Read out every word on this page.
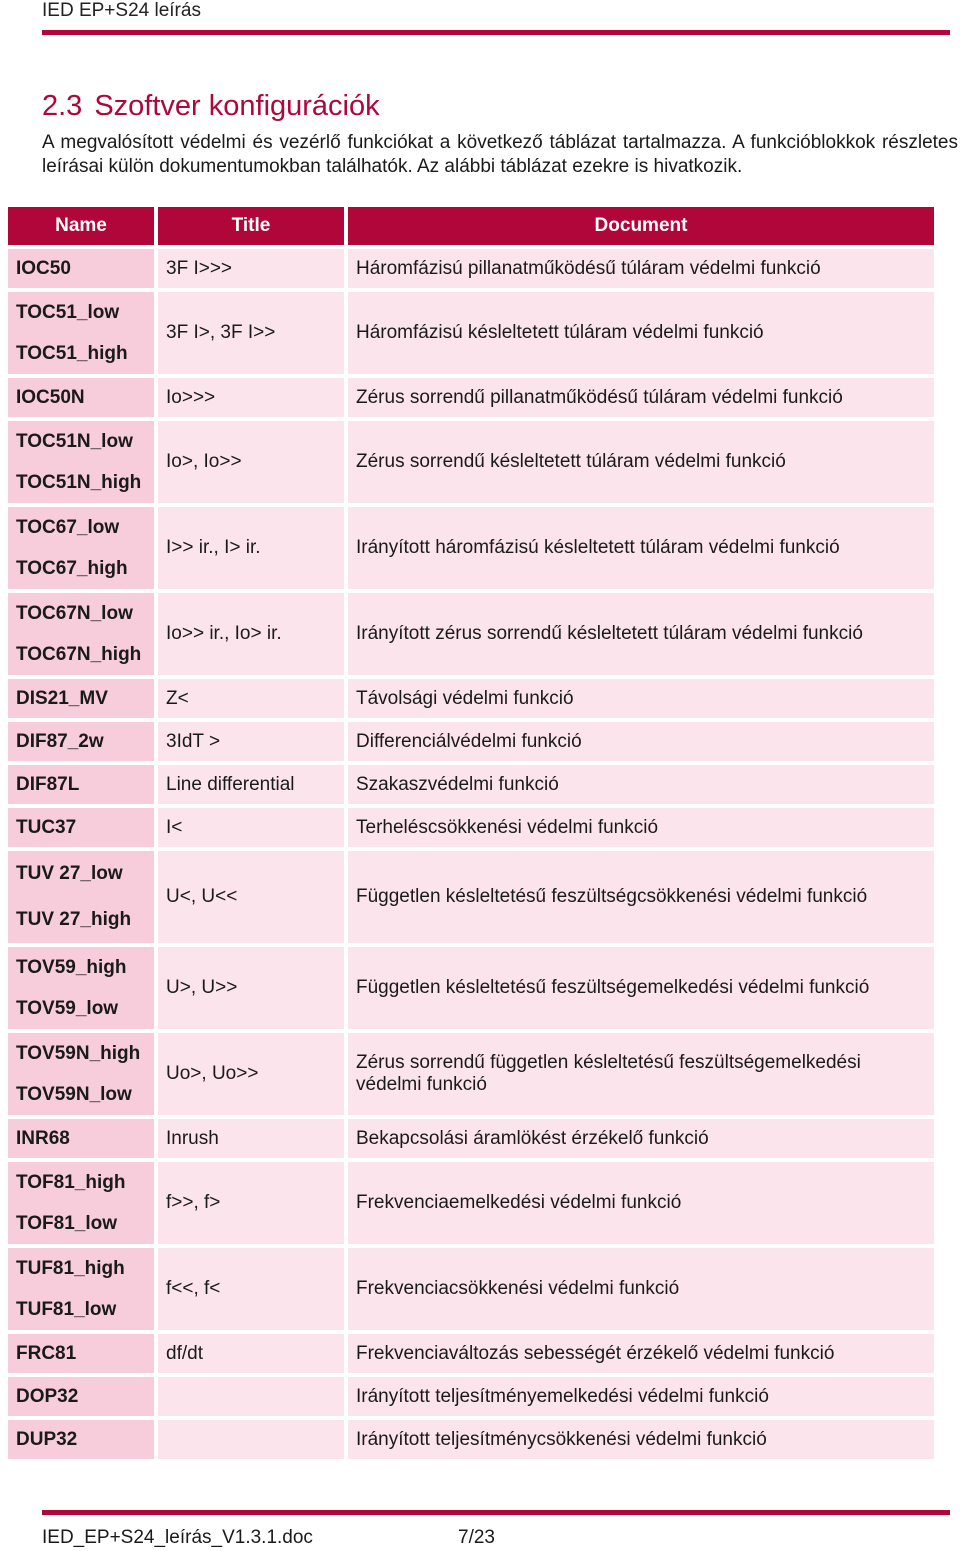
IED EP+S24 leírás
2.3 Szoftver konfigurációk

A megvalósított védelmi és vezérlő funkciókat a következő táblázat tartalmazza. A funkcióblokkok részletes leírásai külön dokumentumokban találhatók. Az alábbi táblázat ezekre is hivatkozik.

Name	Title	Document

IOC50	3F I>>>	Háromfázisú pillanatműködésű túláram védelmi funkció

TOC51_low
TOC51_high	3F I>, 3F I>>	Háromfázisú késleltetett túláram védelmi funkció

IOC50N	Io>>>	Zérus sorrendű pillanatműködésű túláram védelmi funkció

TOC51N_low
TOC51N_high	Io>, Io>>	Zérus sorrendű késleltetett túláram védelmi funkció

TOC67_low
TOC67_high	I>> ir., I> ir.	Irányított háromfázisú késleltetett túláram védelmi funkció

TOC67N_low
TOC67N_high	Io>> ir., Io> ir.	Irányított zérus sorrendű késleltetett túláram védelmi funkció

DIS21_MV	Z<	Távolsági védelmi funkció

DIF87_2w	3IdT >	Differenciálvédelmi funkció

DIF87L	Line differential	Szakaszvédelmi funkció

TUC37	I<	Terheléscsökkenési védelmi funkció

TUV 27_low
TUV 27_high	U<, U<<	Független késleltetésű feszültségcsökkenési védelmi funkció

TOV59_high
TOV59_low	U>, U>>	Független késleltetésű feszültségemelkedési védelmi funkció

TOV59N_high
TOV59N_low	Uo>, Uo>>	Zérus sorrendű független késleltetésű feszültségemelkedési védelmi funkció

INR68	Inrush	Bekapcsolási áramlökést érzékelő funkció

TOF81_high
TOF81_low	f>>, f>	Frekvenciaemelkedési védelmi funkció

TUF81_high
TUF81_low	f<<, f<	Frekvenciacsökkenési védelmi funkció

FRC81	df/dt	Frekvenciaváltozás sebességét érzékelő védelmi funkció

DOP32		Irányított teljesítményemelkedési védelmi funkció

DUP32		Irányított teljesítménycsökkenési védelmi funkció
IED_EP+S24_leírás_V1.3.1.doc	7/23
